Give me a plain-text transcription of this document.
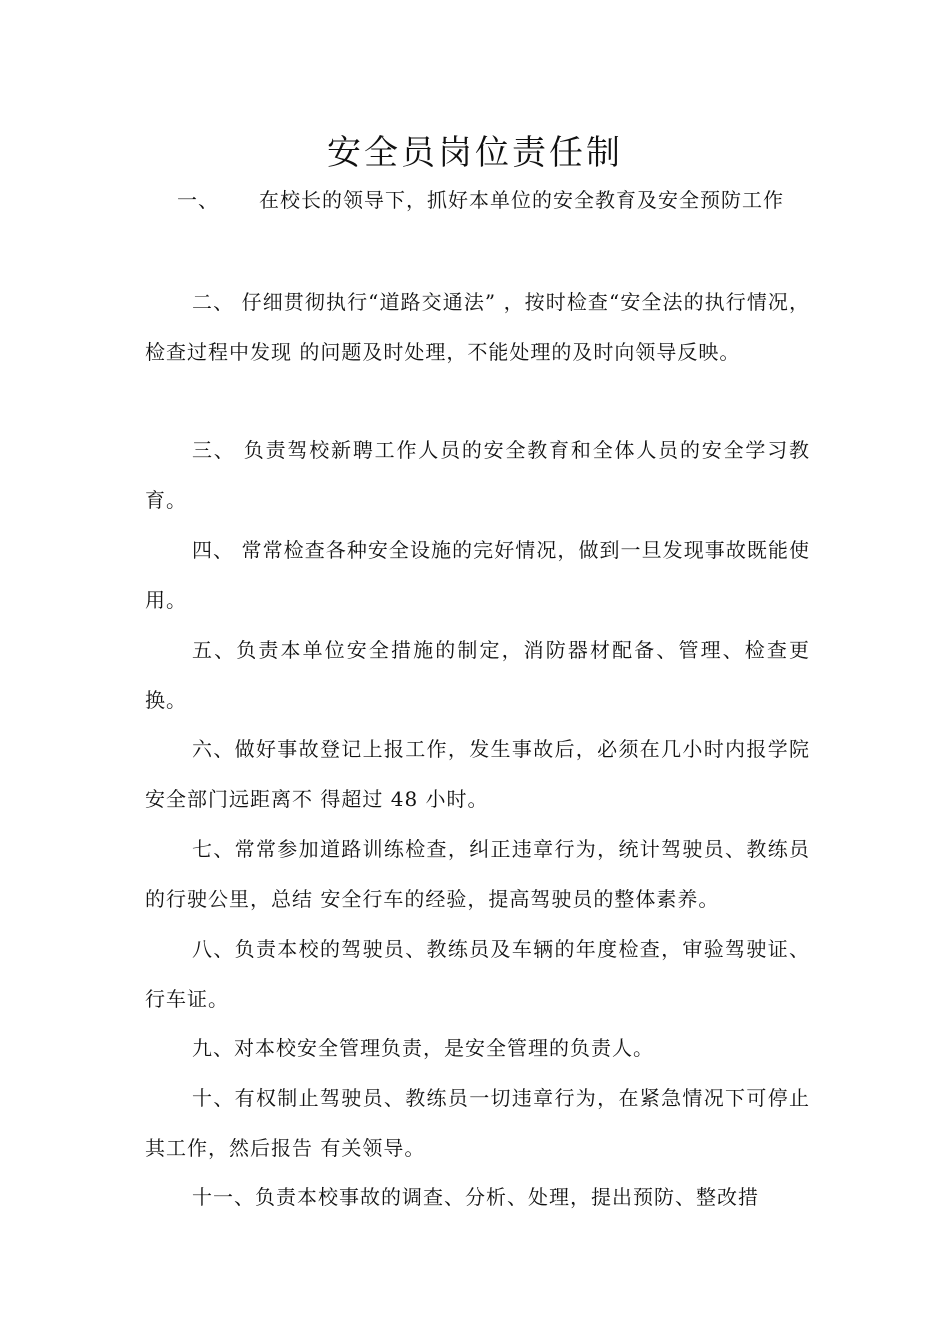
安全员岗位责任制

一、 在校长的领导下，抓好本单位的安全教育及安全预防工作

二、 仔细贯彻执行“道路交通法” ，按时检查“安全法的执行情况，检查过程中发现 的问题及时处理，不能处理的及时向领导反映。

三、 负责驾校新聘工作人员的安全教育和全体人员的安全学习教育。

四、 常常检查各种安全设施的完好情况，做到一旦发现事故既能使用。

五、负责本单位安全措施的制定，消防器材配备、管理、检查更换。

六、做好事故登记上报工作，发生事故后，必须在几小时内报学院安全部门远距离不 得超过 48 小时。

七、常常参加道路训练检查，纠正违章行为，统计驾驶员、教练员的行驶公里，总结 安全行车的经验，提高驾驶员的整体素养。

八、负责本校的驾驶员、教练员及车辆的年度检查，审验驾驶证、行车证。

九、对本校安全管理负责，是安全管理的负责人。

十、有权制止驾驶员、教练员一切违章行为，在紧急情况下可停止其工作，然后报告 有关领导。

十一、负责本校事故的调查、分析、处理，提出预防、整改措
